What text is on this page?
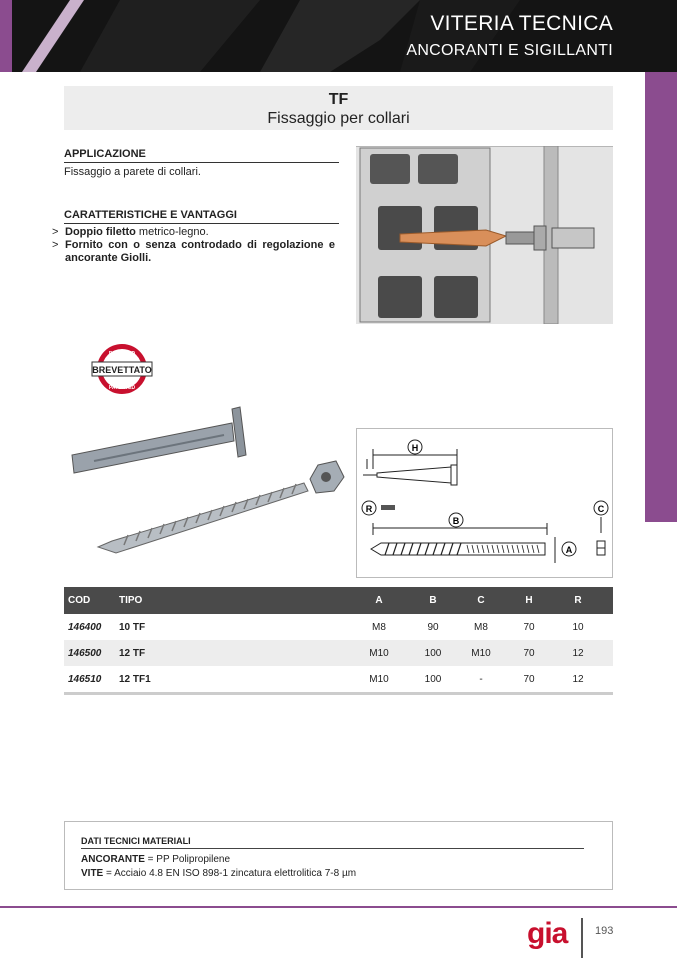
VITERIA TECNICA
ANCORANTI E SIGILLANTI
TF
Fissaggio per collari
APPLICAZIONE
Fissaggio a parete di collari.
CARATTERISTICHE E VANTAGGI
> Doppio filetto metrico-legno.
> Fornito con o senza controdado di regolazione e ancorante Giolli.
BREVETTATO
PATENTED
PATENTED
H
R
B
A
C
COD	TIPO	A	B	C	H	R
146400	10 TF	M8	90	M8	70	10
146500	12 TF	M10	100	M10	70	12
146510	12 TF1	M10	100	-	70	12
DATI TECNICI MATERIALI
ANCORANTE = PP Polipropilene
VITE = Acciaio 4.8 EN ISO 898-1 zincatura elettrolitica 7-8 µm
gia	193
